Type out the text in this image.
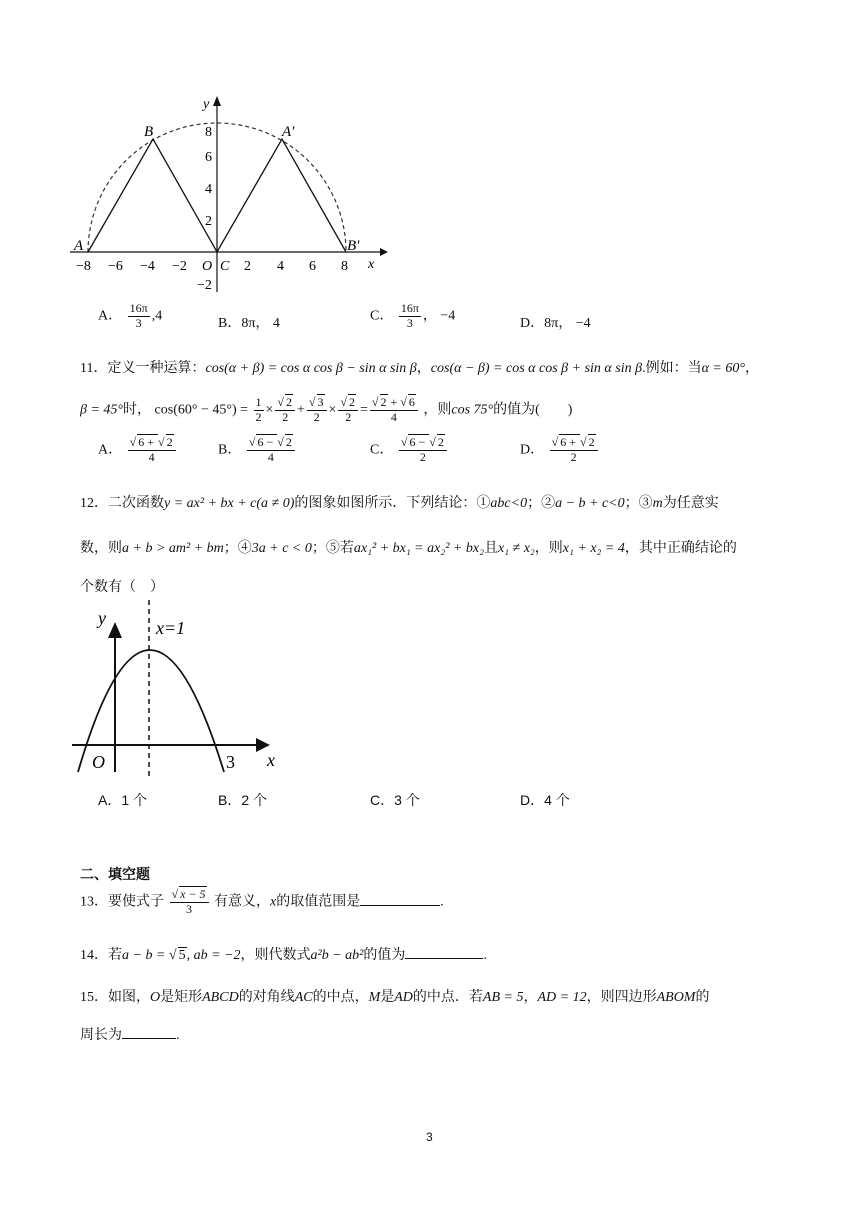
y
x
A
B	A′
B′
−8 −6 −4 −2 O C 2 4 6 8
8
6
4
2
−2
A． $\frac{16\pi}{3} ,4$	B．8π， 4	C． $\frac{16\pi}{3}$ ， −4	D．8π， −4
11．定义一种运算：cos(α + β) = cos α cos β − sin α sin β，cos(α − β) = cos α cos β + sin α sin β.例如：当α = 60°，
β = 45°时， $\cos(60^\circ - 45^\circ) = \frac{1}{2} \times \frac{√ 2}{2} + \frac{√ 3}{2} \times \frac{√ 2}{2} = \frac{√ 2 + √ 6}{4}$ ，则cos 75°的值为(　　)
A． $\frac{√ 6 + √ 2}{4}$	B． $\frac{√ 6 - √ 2}{4}$	C． $\frac{√ 6 - √ 2}{2}$	D． $\frac{√ 6 + √ 2}{2}$
12．二次函数y = ax² + bx + c(a ≠ 0)的图象如图所示．下列结论：①abc<0；②a − b + c<0；③m为任意实
数，则a + b > am² + bm；④3a + c < 0；⑤若ax₁² + bx₁ = ax₂² + bx₂且x₁ ≠ x₂，则x₁ + x₂ = 4，其中正确结论的
个数有（　）
y	x=1
O	3 x
A．1 个	B．2 个	C．3 个	D．4 个
二、填空题
13．要使式子 $\frac{√ x - 5}{3}$ 有意义，x的取值范围是	.
14．若a − b = √ 5, ab = −2，则代数式a²b − ab²的值为	.
15．如图，O是矩形ABCD的对角线AC的中点，M是AD的中点．若AB = 5，AD = 12，则四边形ABOM的
周长为	.
3
